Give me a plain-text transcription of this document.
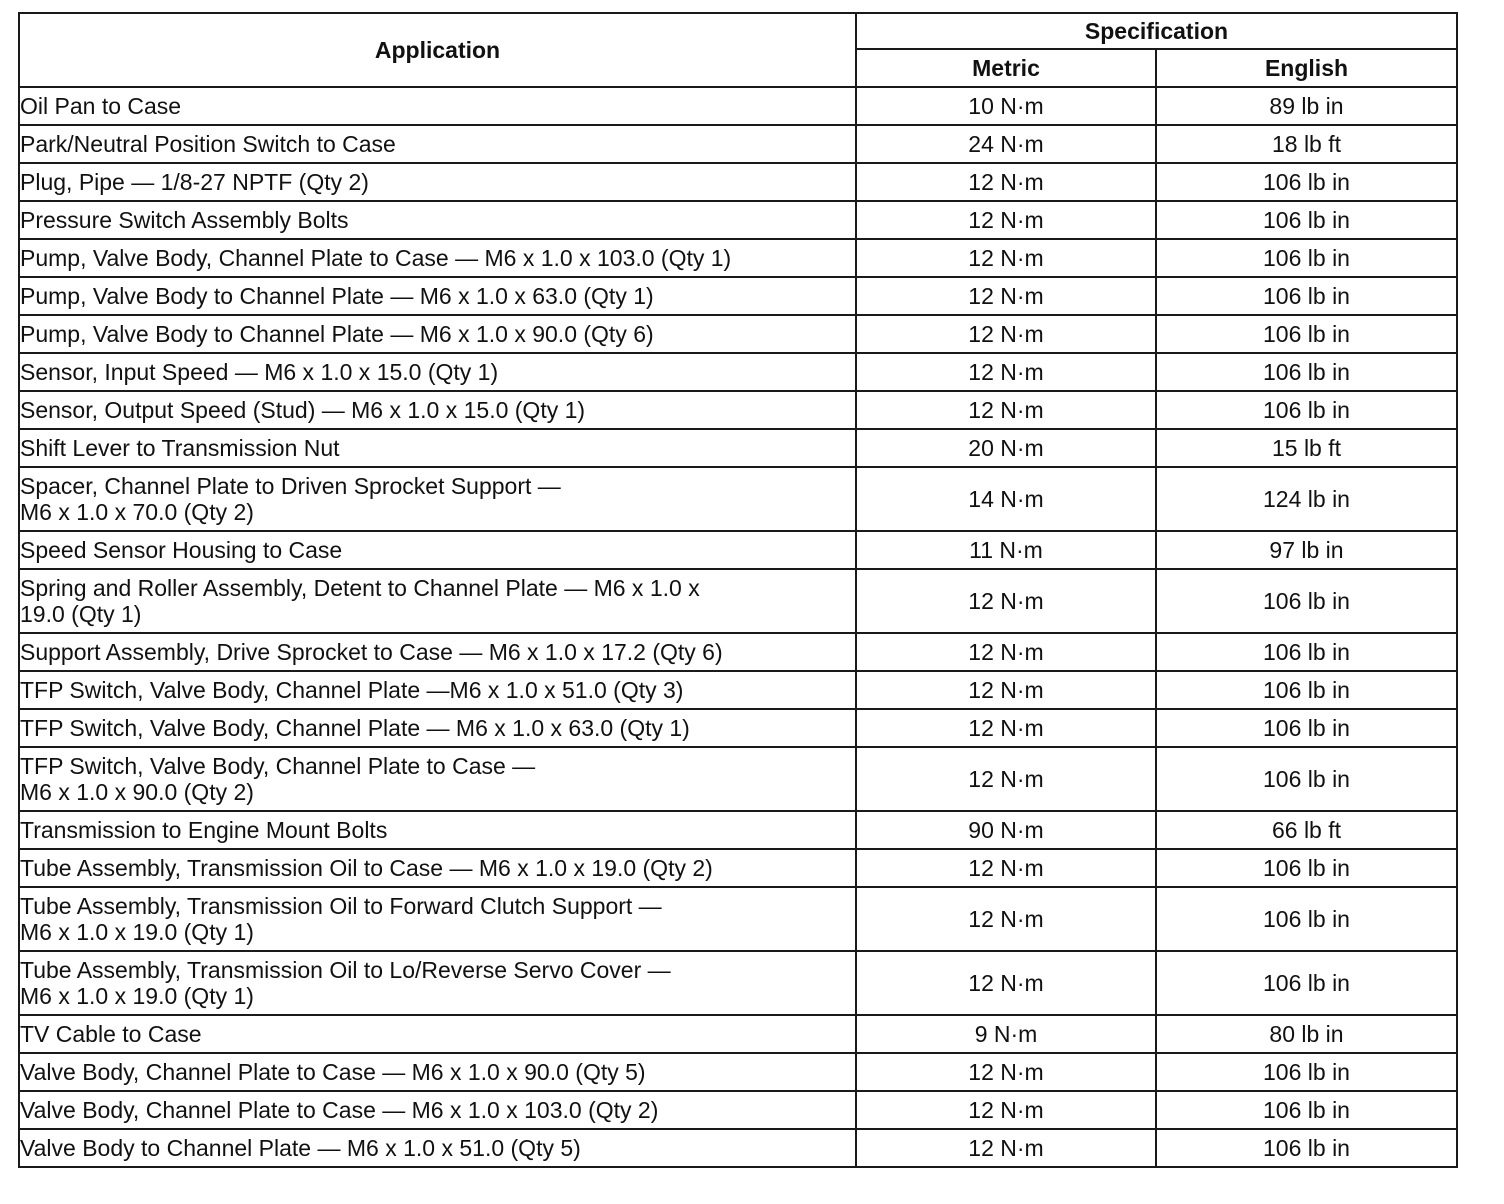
Application	Specification	
	Metric	English

Oil Pan to Case	10 N·m	89 lb in

Park/Neutral Position Switch to Case	24 N·m	18 lb ft

Plug, Pipe — 1/8-27 NPTF (Qty 2)	12 N·m	106 lb in

Pressure Switch Assembly Bolts	12 N·m	106 lb in

Pump, Valve Body, Channel Plate to Case — M6 x 1.0 x 103.0 (Qty 1)	12 N·m	106 lb in

Pump, Valve Body to Channel Plate — M6 x 1.0 x 63.0 (Qty 1)	12 N·m	106 lb in

Pump, Valve Body to Channel Plate — M6 x 1.0 x 90.0 (Qty 6)	12 N·m	106 lb in

Sensor, Input Speed — M6 x 1.0 x 15.0 (Qty 1)	12 N·m	106 lb in

Sensor, Output Speed (Stud) — M6 x 1.0 x 15.0 (Qty 1)	12 N·m	106 lb in

Shift Lever to Transmission Nut	20 N·m	15 lb ft

Spacer, Channel Plate to Driven Sprocket Support —
M6 x 1.0 x 70.0 (Qty 2)	14 N·m	124 lb in

Speed Sensor Housing to Case	11 N·m	97 lb in

Spring and Roller Assembly, Detent to Channel Plate — M6 x 1.0 x
19.0 (Qty 1)	12 N·m	106 lb in

Support Assembly, Drive Sprocket to Case — M6 x 1.0 x 17.2 (Qty 6)	12 N·m	106 lb in

TFP Switch, Valve Body, Channel Plate —M6 x 1.0 x 51.0 (Qty 3)	12 N·m	106 lb in

TFP Switch, Valve Body, Channel Plate — M6 x 1.0 x 63.0 (Qty 1)	12 N·m	106 lb in

TFP Switch, Valve Body, Channel Plate to Case —
M6 x 1.0 x 90.0 (Qty 2)	12 N·m	106 lb in

Transmission to Engine Mount Bolts	90 N·m	66 lb ft

Tube Assembly, Transmission Oil to Case — M6 x 1.0 x 19.0 (Qty 2)	12 N·m	106 lb in

Tube Assembly, Transmission Oil to Forward Clutch Support —
M6 x 1.0 x 19.0 (Qty 1)	12 N·m	106 lb in

Tube Assembly, Transmission Oil to Lo/Reverse Servo Cover —
M6 x 1.0 x 19.0 (Qty 1)	12 N·m	106 lb in

TV Cable to Case	9 N·m	80 lb in

Valve Body, Channel Plate to Case — M6 x 1.0 x 90.0 (Qty 5)	12 N·m	106 lb in

Valve Body, Channel Plate to Case — M6 x 1.0 x 103.0 (Qty 2)	12 N·m	106 lb in

Valve Body to Channel Plate — M6 x 1.0 x 51.0 (Qty 5)	12 N·m	106 lb in
